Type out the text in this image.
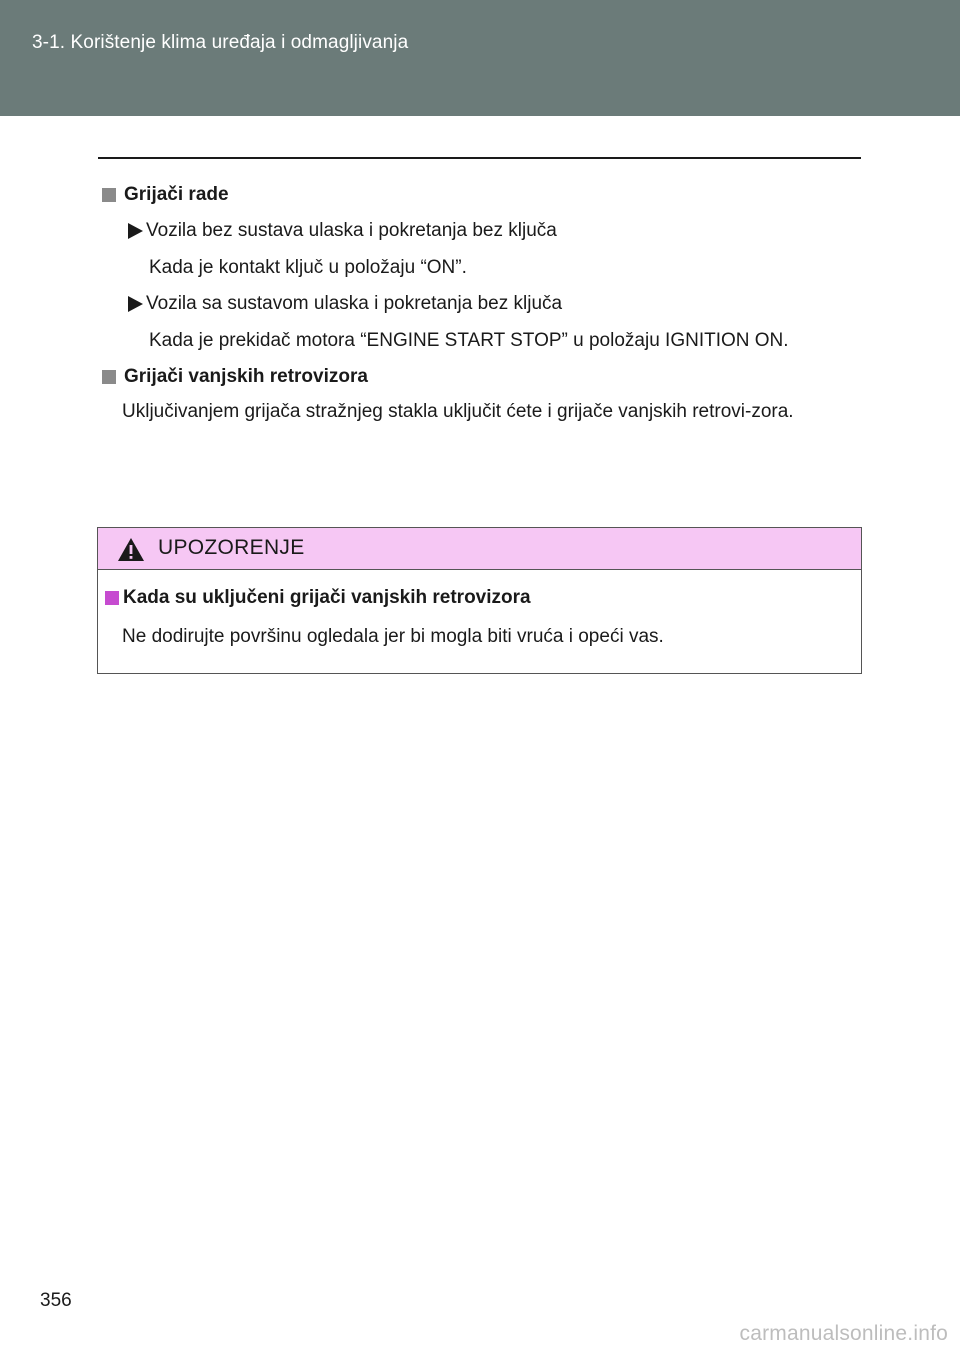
3-1. Korištenje klima uređaja i odmagljivanja
Grijači rade
Vozila bez sustava ulaska i pokretanja bez ključa
Kada je kontakt ključ u položaju “ON”.
Vozila sa sustavom ulaska i pokretanja bez ključa
Kada je prekidač motora “ENGINE START STOP” u položaju IGNITION ON.
Grijači vanjskih retrovizora
Uključivanjem grijača stražnjeg stakla uključit ćete i grijače vanjskih retrovi-zora.
UPOZORENJE
Kada su uključeni grijači vanjskih retrovizora
Ne dodirujte površinu ogledala jer bi mogla biti vruća i opeći vas.
356
carmanualsonline.info
